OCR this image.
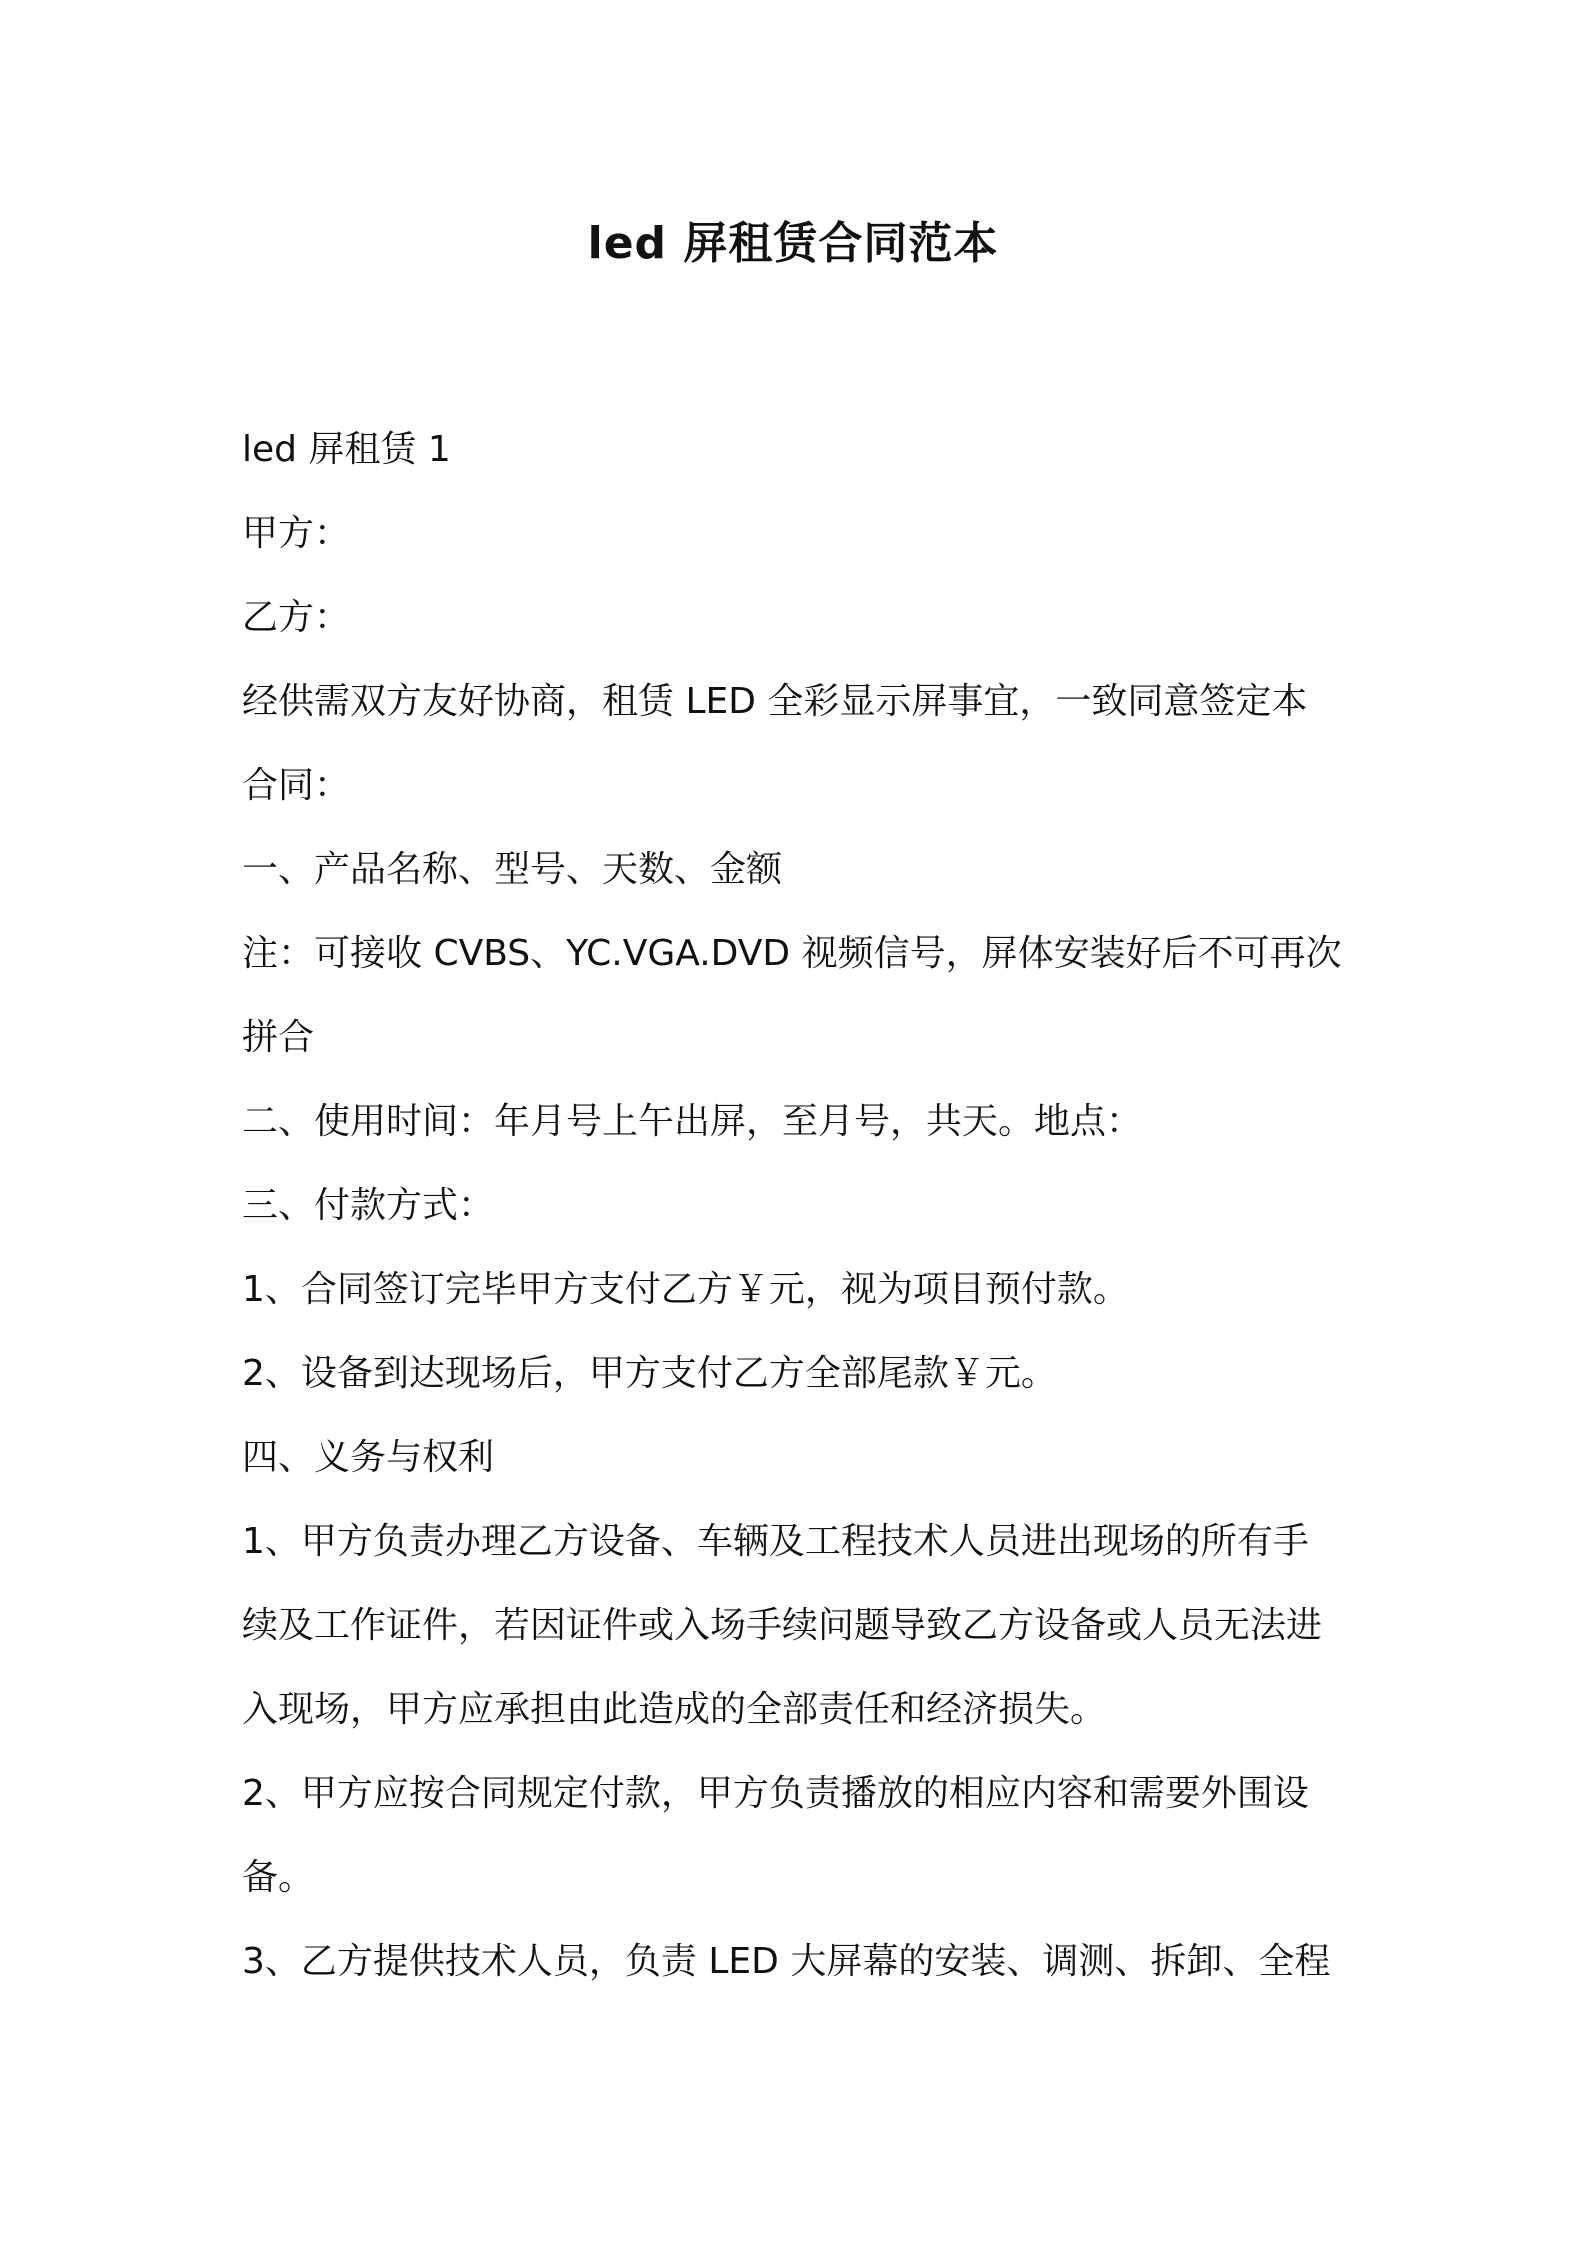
led 屏租赁合同范本
led 屏租赁 1
甲方：
乙方：
经供需双方友好协商，租赁 LED 全彩显示屏事宜，一致同意签定本
合同：
一、产品名称、型号、天数、金额
注：可接收 CVBS、YC.VGA.DVD 视频信号，屏体安装好后不可再次
拼合
二、使用时间：年月号上午出屏，至月号，共天。地点：
三、付款方式：
1、合同签订完毕甲方支付乙方￥元，视为项目预付款。
2、设备到达现场后，甲方支付乙方全部尾款￥元。
四、义务与权利
1、甲方负责办理乙方设备、车辆及工程技术人员进出现场的所有手
续及工作证件，若因证件或入场手续问题导致乙方设备或人员无法进
入现场，甲方应承担由此造成的全部责任和经济损失。
2、甲方应按合同规定付款，甲方负责播放的相应内容和需要外围设
备。
3、乙方提供技术人员，负责 LED 大屏幕的安装、调测、拆卸、全程
